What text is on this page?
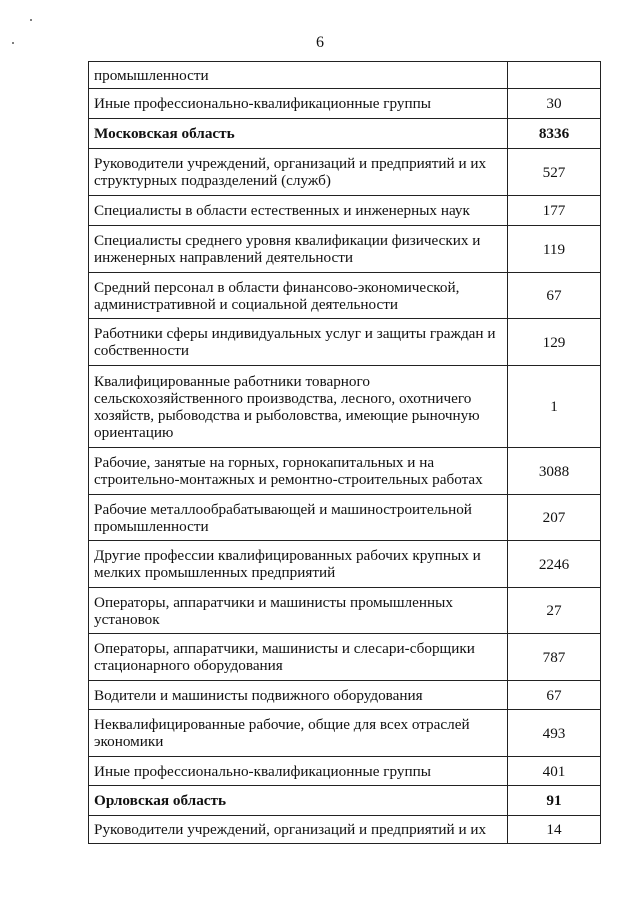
6
промышленности	
Иные профессионально-квалификационные группы	30
Московская область	8336
Руководители учреждений, организаций и предприятий и их структурных подразделений (служб)	527
Специалисты в области естественных и инженерных наук	177
Специалисты среднего уровня квалификации физических и инженерных направлений деятельности	119
Средний персонал в области финансово-экономической, административной и социальной деятельности	67
Работники сферы индивидуальных услуг и защиты граждан и собственности	129
Квалифицированные работники товарного сельскохозяйственного производства, лесного, охотничего хозяйств, рыбоводства и рыболовства, имеющие рыночную ориентацию	1
Рабочие, занятые на горных, горнокапитальных и на строительно-монтажных и ремонтно-строительных работах	3088
Рабочие металлообрабатывающей и машиностроительной промышленности	207
Другие профессии квалифицированных рабочих крупных и мелких промышленных предприятий	2246
Операторы, аппаратчики и машинисты промышленных установок	27
Операторы, аппаратчики, машинисты и слесари-сборщики стационарного оборудования	787
Водители и машинисты подвижного оборудования	67
Неквалифицированные рабочие, общие для всех отраслей экономики	493
Иные профессионально-квалификационные группы	401
Орловская область	91
Руководители учреждений, организаций и предприятий и их	14
